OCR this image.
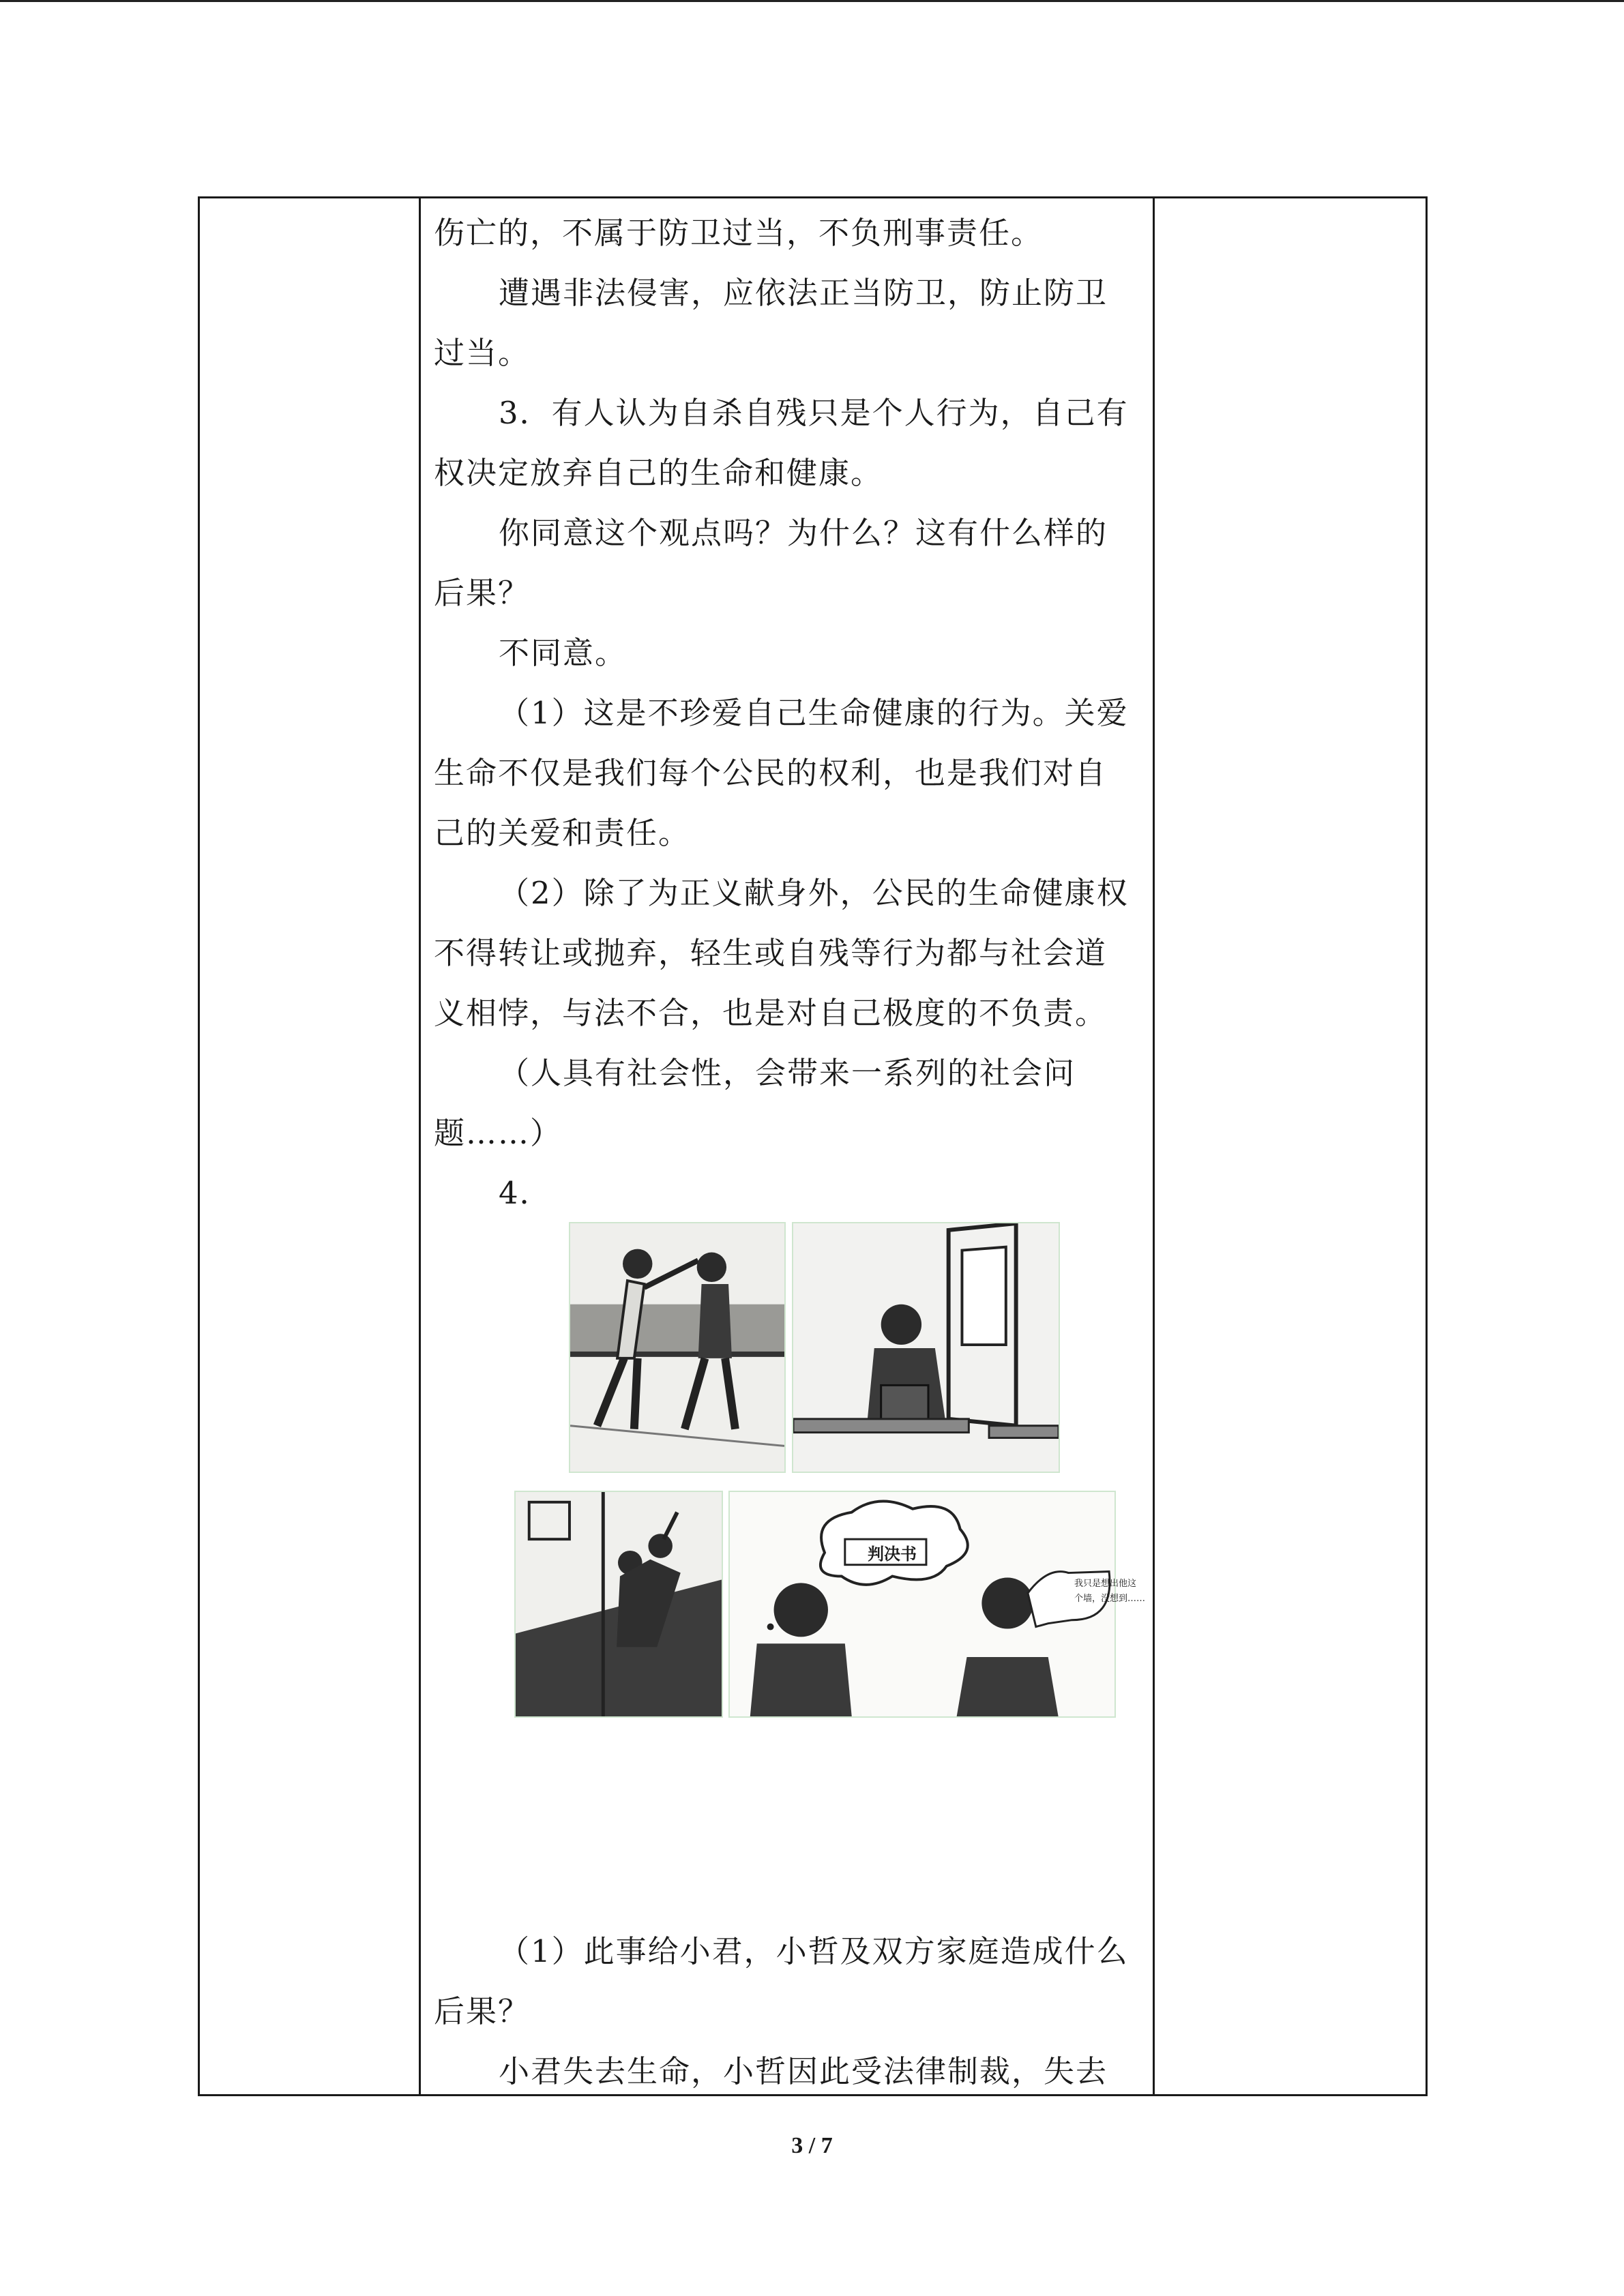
伤亡的，不属于防卫过当，不负刑事责任。

遭遇非法侵害，应依法正当防卫，防止防卫

过当。

3．有人认为自杀自残只是个人行为，自己有

权决定放弃自己的生命和健康。

你同意这个观点吗？为什么？这有什么样的

后果？

不同意。

（1）这是不珍爱自己生命健康的行为。关爱

生命不仅是我们每个公民的权利，也是我们对自

己的关爱和责任。

（2）除了为正义献身外，公民的生命健康权

不得转让或抛弃，轻生或自残等行为都与社会道

义相悖，与法不合，也是对自己极度的不负责。

（人具有社会性，会带来一系列的社会问

题……）

4．

判决书
我只是想出他这
个墙，没想到……

（1）此事给小君，小哲及双方家庭造成什么

后果？

小君失去生命，小哲因此受法律制裁，失去

3 / 7
